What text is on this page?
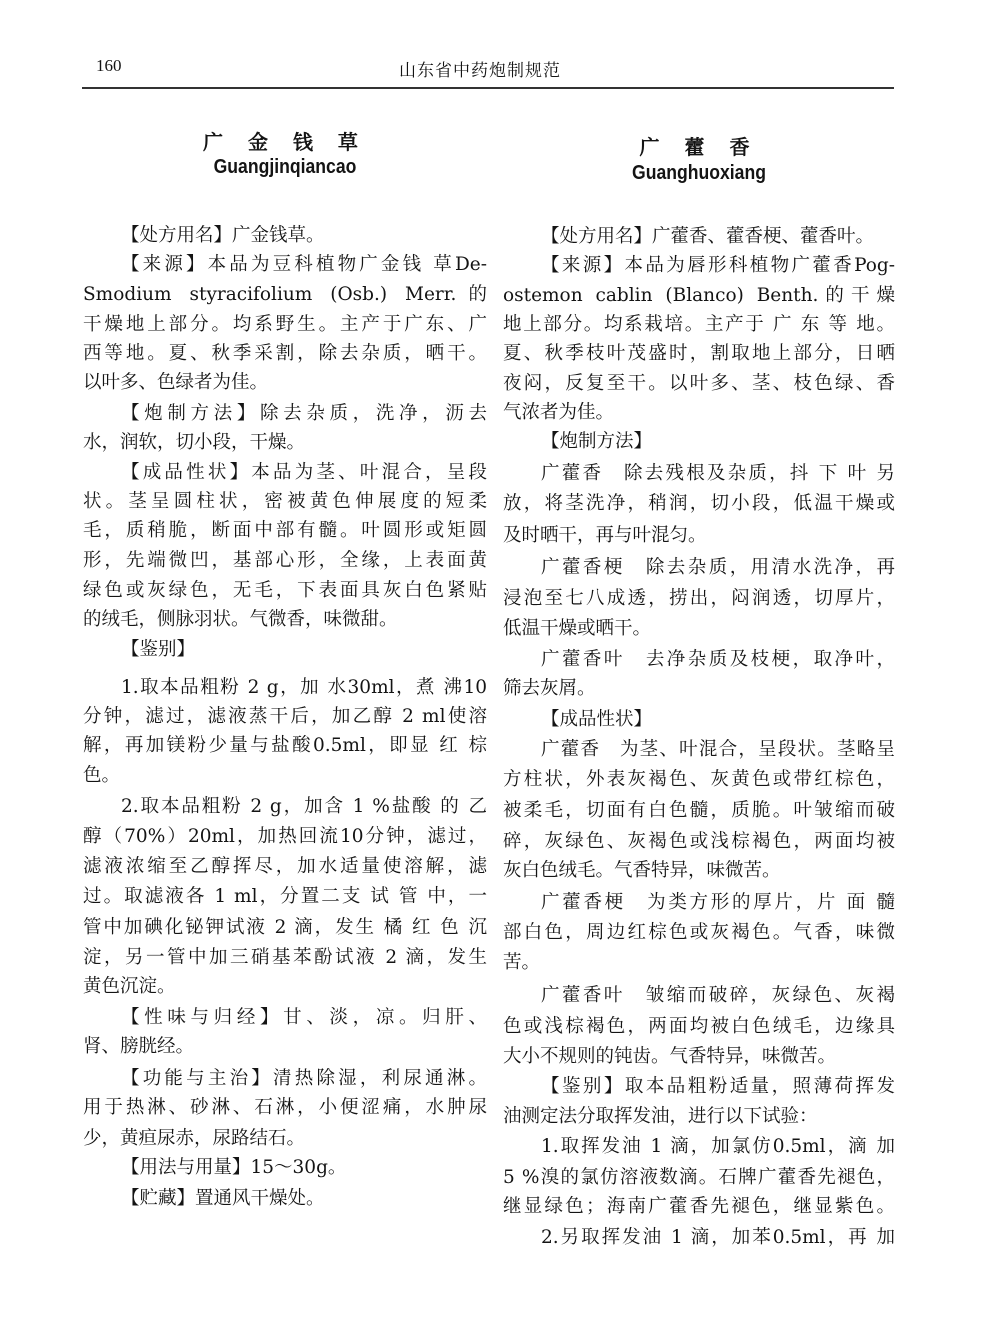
160	山东省中药炮制规范
广 金 钱 草
Guangjinqiancao
【处方用名】广金钱草。
【来源】本品为豆科植物广金钱 草De-
Smodium styracifolium (Osb.) Merr.的
干燥地上部分。均系野生。主产于广东、广
西等地。夏、秋季采割，除去杂质，晒干。
以叶多、色绿者为佳。
【炮制方法】除去杂质，洗净，沥去
水，润软，切小段，干燥。
【成品性状】本品为茎、叶混合，呈段
状。茎呈圆柱状，密被黄色伸展度的短柔
毛，质稍脆，断面中部有髓。叶圆形或矩圆
形，先端微凹，基部心形，全缘，上表面黄
绿色或灰绿色，无毛，下表面具灰白色紧贴
的绒毛，侧脉羽状。气微香，味微甜。
【鉴别】
1.取本品粗粉 2 g，加 水30ml，煮 沸10
分钟，滤过，滤液蒸干后，加乙醇 2 ml使溶
解，再加镁粉少量与盐酸0.5ml，即显 红 棕
色。
2.取本品粗粉 2 g，加含 1 %盐酸 的 乙
醇（70%）20ml，加热回流10分钟，滤过，
滤液浓缩至乙醇挥尽，加水适量使溶解，滤
过。取滤液各 1 ml，分置二支 试 管 中，一
管中加碘化铋钾试液 2 滴，发生 橘 红 色 沉
淀，另一管中加三硝基苯酚试液 2 滴，发生
黄色沉淀。
【性味与归经】甘、淡，凉。归肝、
肾、膀胱经。
【功能与主治】清热除湿，利尿通淋。
用于热淋、砂淋、石淋，小便涩痛，水肿尿
少，黄疸尿赤，尿路结石。
【用法与用量】15～30g。
【贮藏】置通风干燥处。
广 藿 香
Guanghuoxiang
【处方用名】广藿香、藿香梗、藿香叶。
【来源】本品为唇形科植物广藿香Pog-
ostemon cablin (Blanco) Benth.的干燥
地上部分。均系栽培。主产于 广 东 等 地。
夏、秋季枝叶茂盛时，割取地上部分，日晒
夜闷，反复至干。以叶多、茎、枝色绿、香
气浓者为佳。
【炮制方法】
广藿香　除去残根及杂质，抖 下 叶 另
放，将茎洗净，稍润，切小段，低温干燥或
及时晒干，再与叶混匀。
广藿香梗　除去杂质，用清水洗净，再
浸泡至七八成透，捞出，闷润透，切厚片，
低温干燥或晒干。
广藿香叶　去净杂质及枝梗，取净叶，
筛去灰屑。
【成品性状】
广藿香　为茎、叶混合，呈段状。茎略呈
方柱状，外表灰褐色、灰黄色或带红棕色，
被柔毛，切面有白色髓，质脆。叶皱缩而破
碎，灰绿色、灰褐色或浅棕褐色，两面均被
灰白色绒毛。气香特异，味微苦。
广藿香梗　为类方形的厚片，片 面 髓
部白色，周边红棕色或灰褐色。气香，味微
苦。
广藿香叶　皱缩而破碎，灰绿色、灰褐
色或浅棕褐色，两面均被白色绒毛，边缘具
大小不规则的钝齿。气香特异，味微苦。
【鉴别】取本品粗粉适量，照薄荷挥发
油测定法分取挥发油，进行以下试验：
1.取挥发油 1 滴，加氯仿0.5ml，滴 加
5 %溴的氯仿溶液数滴。石牌广藿香先褪色，
继显绿色；海南广藿香先褪色，继显紫色。
2.另取挥发油 1 滴，加苯0.5ml，再 加
